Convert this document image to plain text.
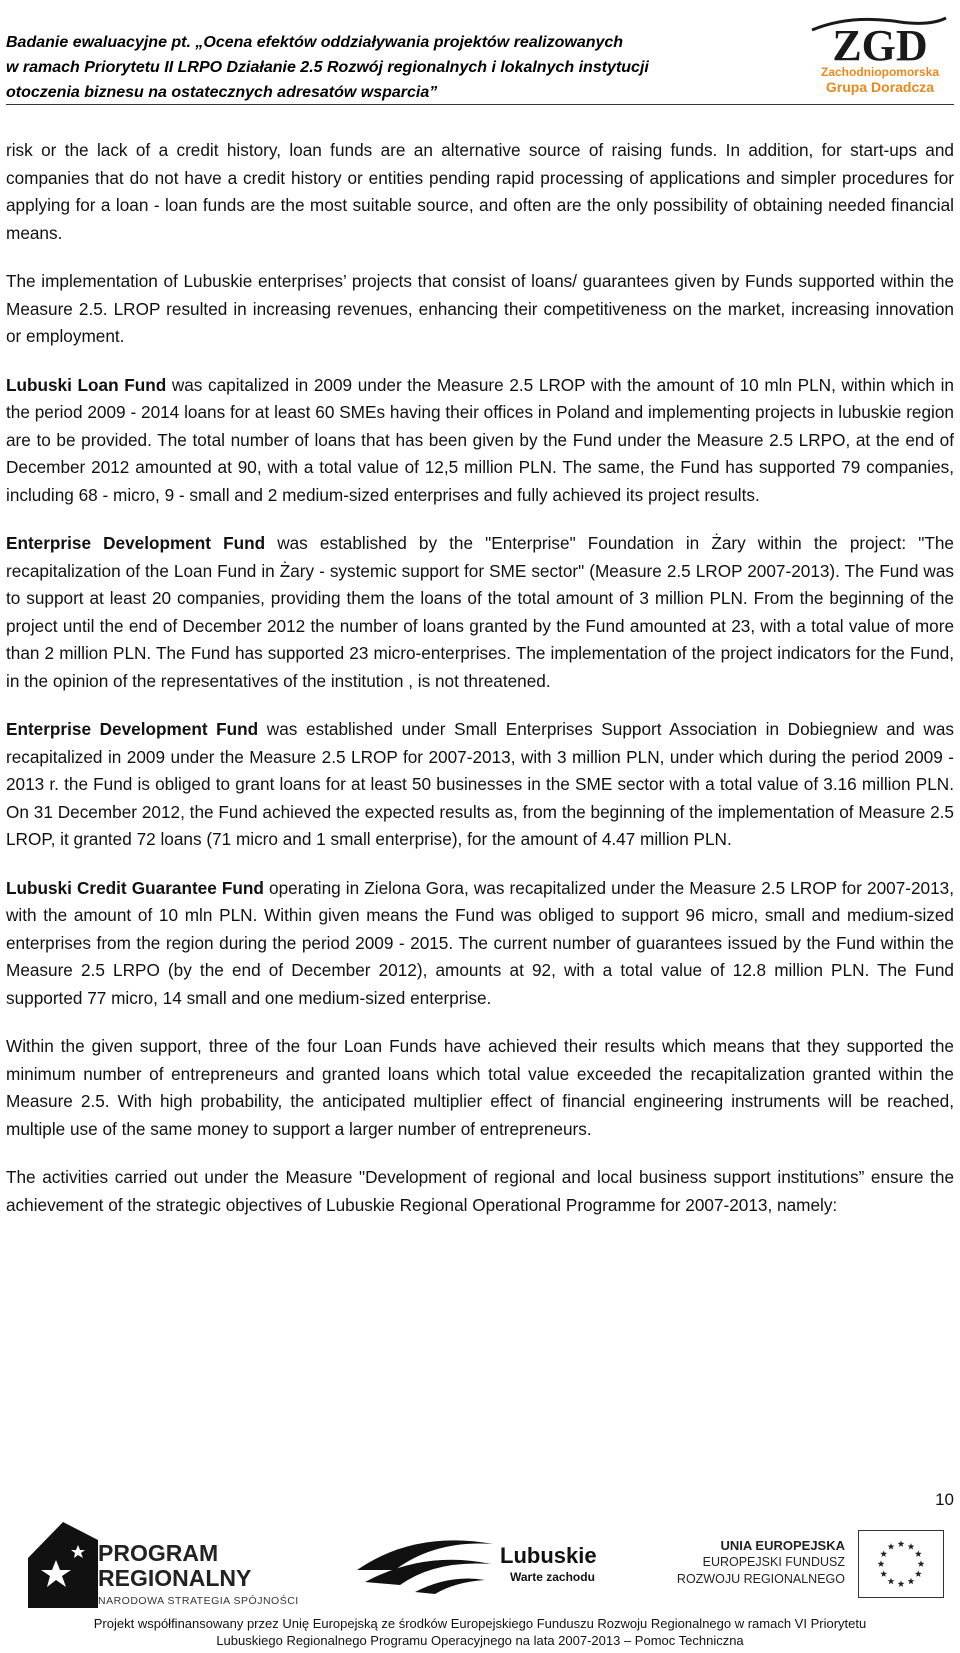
Badanie ewaluacyjne pt. „Ocena efektów oddziaływania projektów realizowanych
w ramach Priorytetu II LRPO Działanie 2.5 Rozwój regionalnych i lokalnych instytucji
otoczenia biznesu na ostatecznych adresatów wsparcia”
ZGD
Zachodniopomorska
Grupa Doradcza

risk or the lack of a credit history, loan funds are an alternative source of raising funds. In addition, for start-ups and companies that do not have a credit history or entities pending rapid processing of applications and simpler procedures for applying for a loan - loan funds are the most suitable source, and often are the only possibility of obtaining needed financial means.

The implementation of Lubuskie enterprises’ projects that consist of loans/ guarantees given by Funds supported within the Measure 2.5. LROP resulted in increasing revenues, enhancing their competitiveness on the market, increasing innovation or employment.

Lubuski Loan Fund was capitalized in 2009 under the Measure 2.5 LROP with the amount of 10 mln PLN, within which in the period 2009 - 2014 loans for at least 60 SMEs having their offices in Poland and implementing projects in lubuskie region are to be provided. The total number of loans that has been given by the Fund under the Measure 2.5 LRPO, at the end of December 2012 amounted at 90, with a total value of 12,5 million PLN. The same, the Fund has supported 79 companies, including 68 - micro, 9 - small and 2 medium-sized enterprises and fully achieved its project results.

Enterprise Development Fund was established by the "Enterprise" Foundation in Żary within the project: "The recapitalization of the Loan Fund in Żary - systemic support for SME sector" (Measure 2.5 LROP 2007-2013). The Fund was to support at least 20 companies, providing them the loans of the total amount of 3 million PLN. From the beginning of the project until the end of December 2012 the number of loans granted by the Fund amounted at 23, with a total value of more than 2 million PLN. The Fund has supported 23 micro-enterprises. The implementation of the project indicators for the Fund, in the opinion of the representatives of the institution , is not threatened.

Enterprise Development Fund was established under Small Enterprises Support Association in Dobiegniew and was recapitalized in 2009 under the Measure 2.5 LROP for 2007-2013, with 3 million PLN, under which during the period 2009 - 2013 r. the Fund is obliged to grant loans for at least 50 businesses in the SME sector with a total value of 3.16 million PLN. On 31 December 2012, the Fund achieved the expected results as, from the beginning of the implementation of Measure 2.5 LROP, it granted 72 loans (71 micro and 1 small enterprise), for the amount of 4.47 million PLN.

Lubuski Credit Guarantee Fund operating in Zielona Gora, was recapitalized under the Measure 2.5 LROP for 2007-2013, with the amount of 10 mln PLN. Within given means the Fund was obliged to support 96 micro, small and medium-sized enterprises from the region during the period 2009 - 2015. The current number of guarantees issued by the Fund within the Measure 2.5 LRPO (by the end of December 2012), amounts at 92, with a total value of 12.8 million PLN. The Fund supported 77 micro, 14 small and one medium-sized enterprise.

Within the given support, three of the four Loan Funds have achieved their results which means that they supported the minimum number of entrepreneurs and granted loans which total value exceeded the recapitalization granted within the Measure 2.5. With high probability, the anticipated multiplier effect of financial engineering instruments will be reached, multiple use of the same money to support a larger number of entrepreneurs.

The activities carried out under the Measure "Development of regional and local business support institutions” ensure the achievement of the strategic objectives of Lubuskie Regional Operational Programme for 2007-2013, namely:

10
PROGRAM
REGIONALNY
NARODOWA STRATEGIA SPÓJNOŚCI
Lubuskie
Warte zachodu
UNIA EUROPEJSKA
EUROPEJSKI FUNDUSZ
ROZWOJU REGIONALNEGO
Projekt współfinansowany przez Unię Europejską ze środków Europejskiego Funduszu Rozwoju Regionalnego w ramach VI Priorytetu
Lubuskiego Regionalnego Programu Operacyjnego na lata 2007-2013 – Pomoc Techniczna
